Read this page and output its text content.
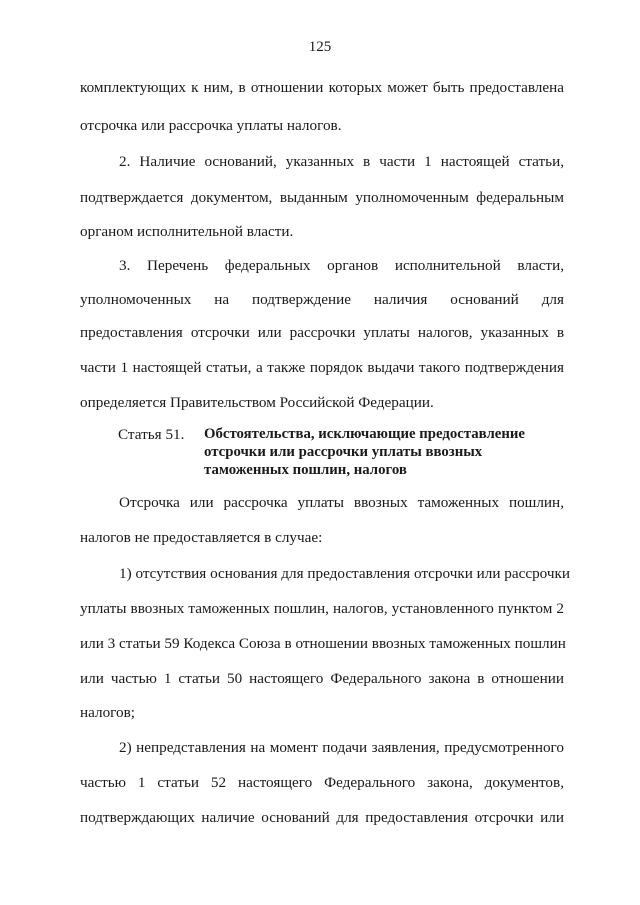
125
комплектующих к ним, в отношении которых может быть предоставлена
отсрочка или рассрочка уплаты налогов.
2. Наличие оснований, указанных в части 1 настоящей статьи,
подтверждается документом, выданным уполномоченным федеральным
органом исполнительной власти.
3. Перечень федеральных органов исполнительной власти,
уполномоченных на подтверждение наличия оснований для
предоставления отсрочки или рассрочки уплаты налогов, указанных в
части 1 настоящей статьи, а также порядок выдачи такого подтверждения
определяется Правительством Российской Федерации.
Статья 51. Обстоятельства, исключающие предоставление
отсрочки или рассрочки уплаты ввозных
таможенных пошлин, налогов
Отсрочка или рассрочка уплаты ввозных таможенных пошлин,
налогов не предоставляется в случае:
1) отсутствия основания для предоставления отсрочки или рассрочки
уплаты ввозных таможенных пошлин, налогов, установленного пунктом 2
или 3 статьи 59 Кодекса Союза в отношении ввозных таможенных пошлин
или частью 1 статьи 50 настоящего Федерального закона в отношении
налогов;
2) непредставления на момент подачи заявления, предусмотренного
частью 1 статьи 52 настоящего Федерального закона, документов,
подтверждающих наличие оснований для предоставления отсрочки или
